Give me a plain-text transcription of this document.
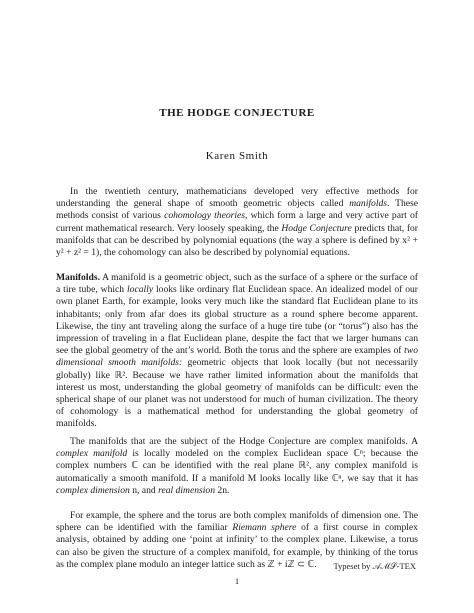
THE HODGE CONJECTURE
Karen Smith
In the twentieth century, mathematicians developed very effective methods for understanding the general shape of smooth geometric objects called manifolds. These methods consist of various cohomology theories, which form a large and very active part of current mathematical research. Very loosely speaking, the Hodge Conjecture predicts that, for manifolds that can be described by polynomial equations (the way a sphere is defined by x² + y² + z² = 1), the cohomology can also be described by polynomial equations.
Manifolds. A manifold is a geometric object, such as the surface of a sphere or the surface of a tire tube, which locally looks like ordinary flat Euclidean space. An idealized model of our own planet Earth, for example, looks very much like the standard flat Euclidean plane to its inhabitants; only from afar does its global structure as a round sphere become apparent. Likewise, the tiny ant traveling along the surface of a huge tire tube (or “torus”) also has the impression of traveling in a flat Euclidean plane, despite the fact that we larger humans can see the global geometry of the ant’s world. Both the torus and the sphere are examples of two dimensional smooth manifolds: geometric objects that look locally (but not necessarily globally) like ℝ². Because we have rather limited information about the manifolds that interest us most, understanding the global geometry of manifolds can be difficult: even the spherical shape of our planet was not understood for much of human civilization. The theory of cohomology is a mathematical method for understanding the global geometry of manifolds.
The manifolds that are the subject of the Hodge Conjecture are complex manifolds. A complex manifold is locally modeled on the complex Euclidean space ℂⁿ; because the complex numbers ℂ can be identified with the real plane ℝ², any complex manifold is automatically a smooth manifold. If a manifold M looks locally like ℂⁿ, we say that it has complex dimension n, and real dimension 2n.
For example, the sphere and the torus are both complex manifolds of dimension one. The sphere can be identified with the familiar Riemann sphere of a first course in complex analysis, obtained by adding one ‘point at infinity’ to the complex plane. Likewise, a torus can also be given the structure of a complex manifold, for example, by thinking of the torus as the complex plane modulo an integer lattice such as ℤ + iℤ ⊂ ℂ.	Typeset by 𝒜ℳ𝒮-TEX
1
